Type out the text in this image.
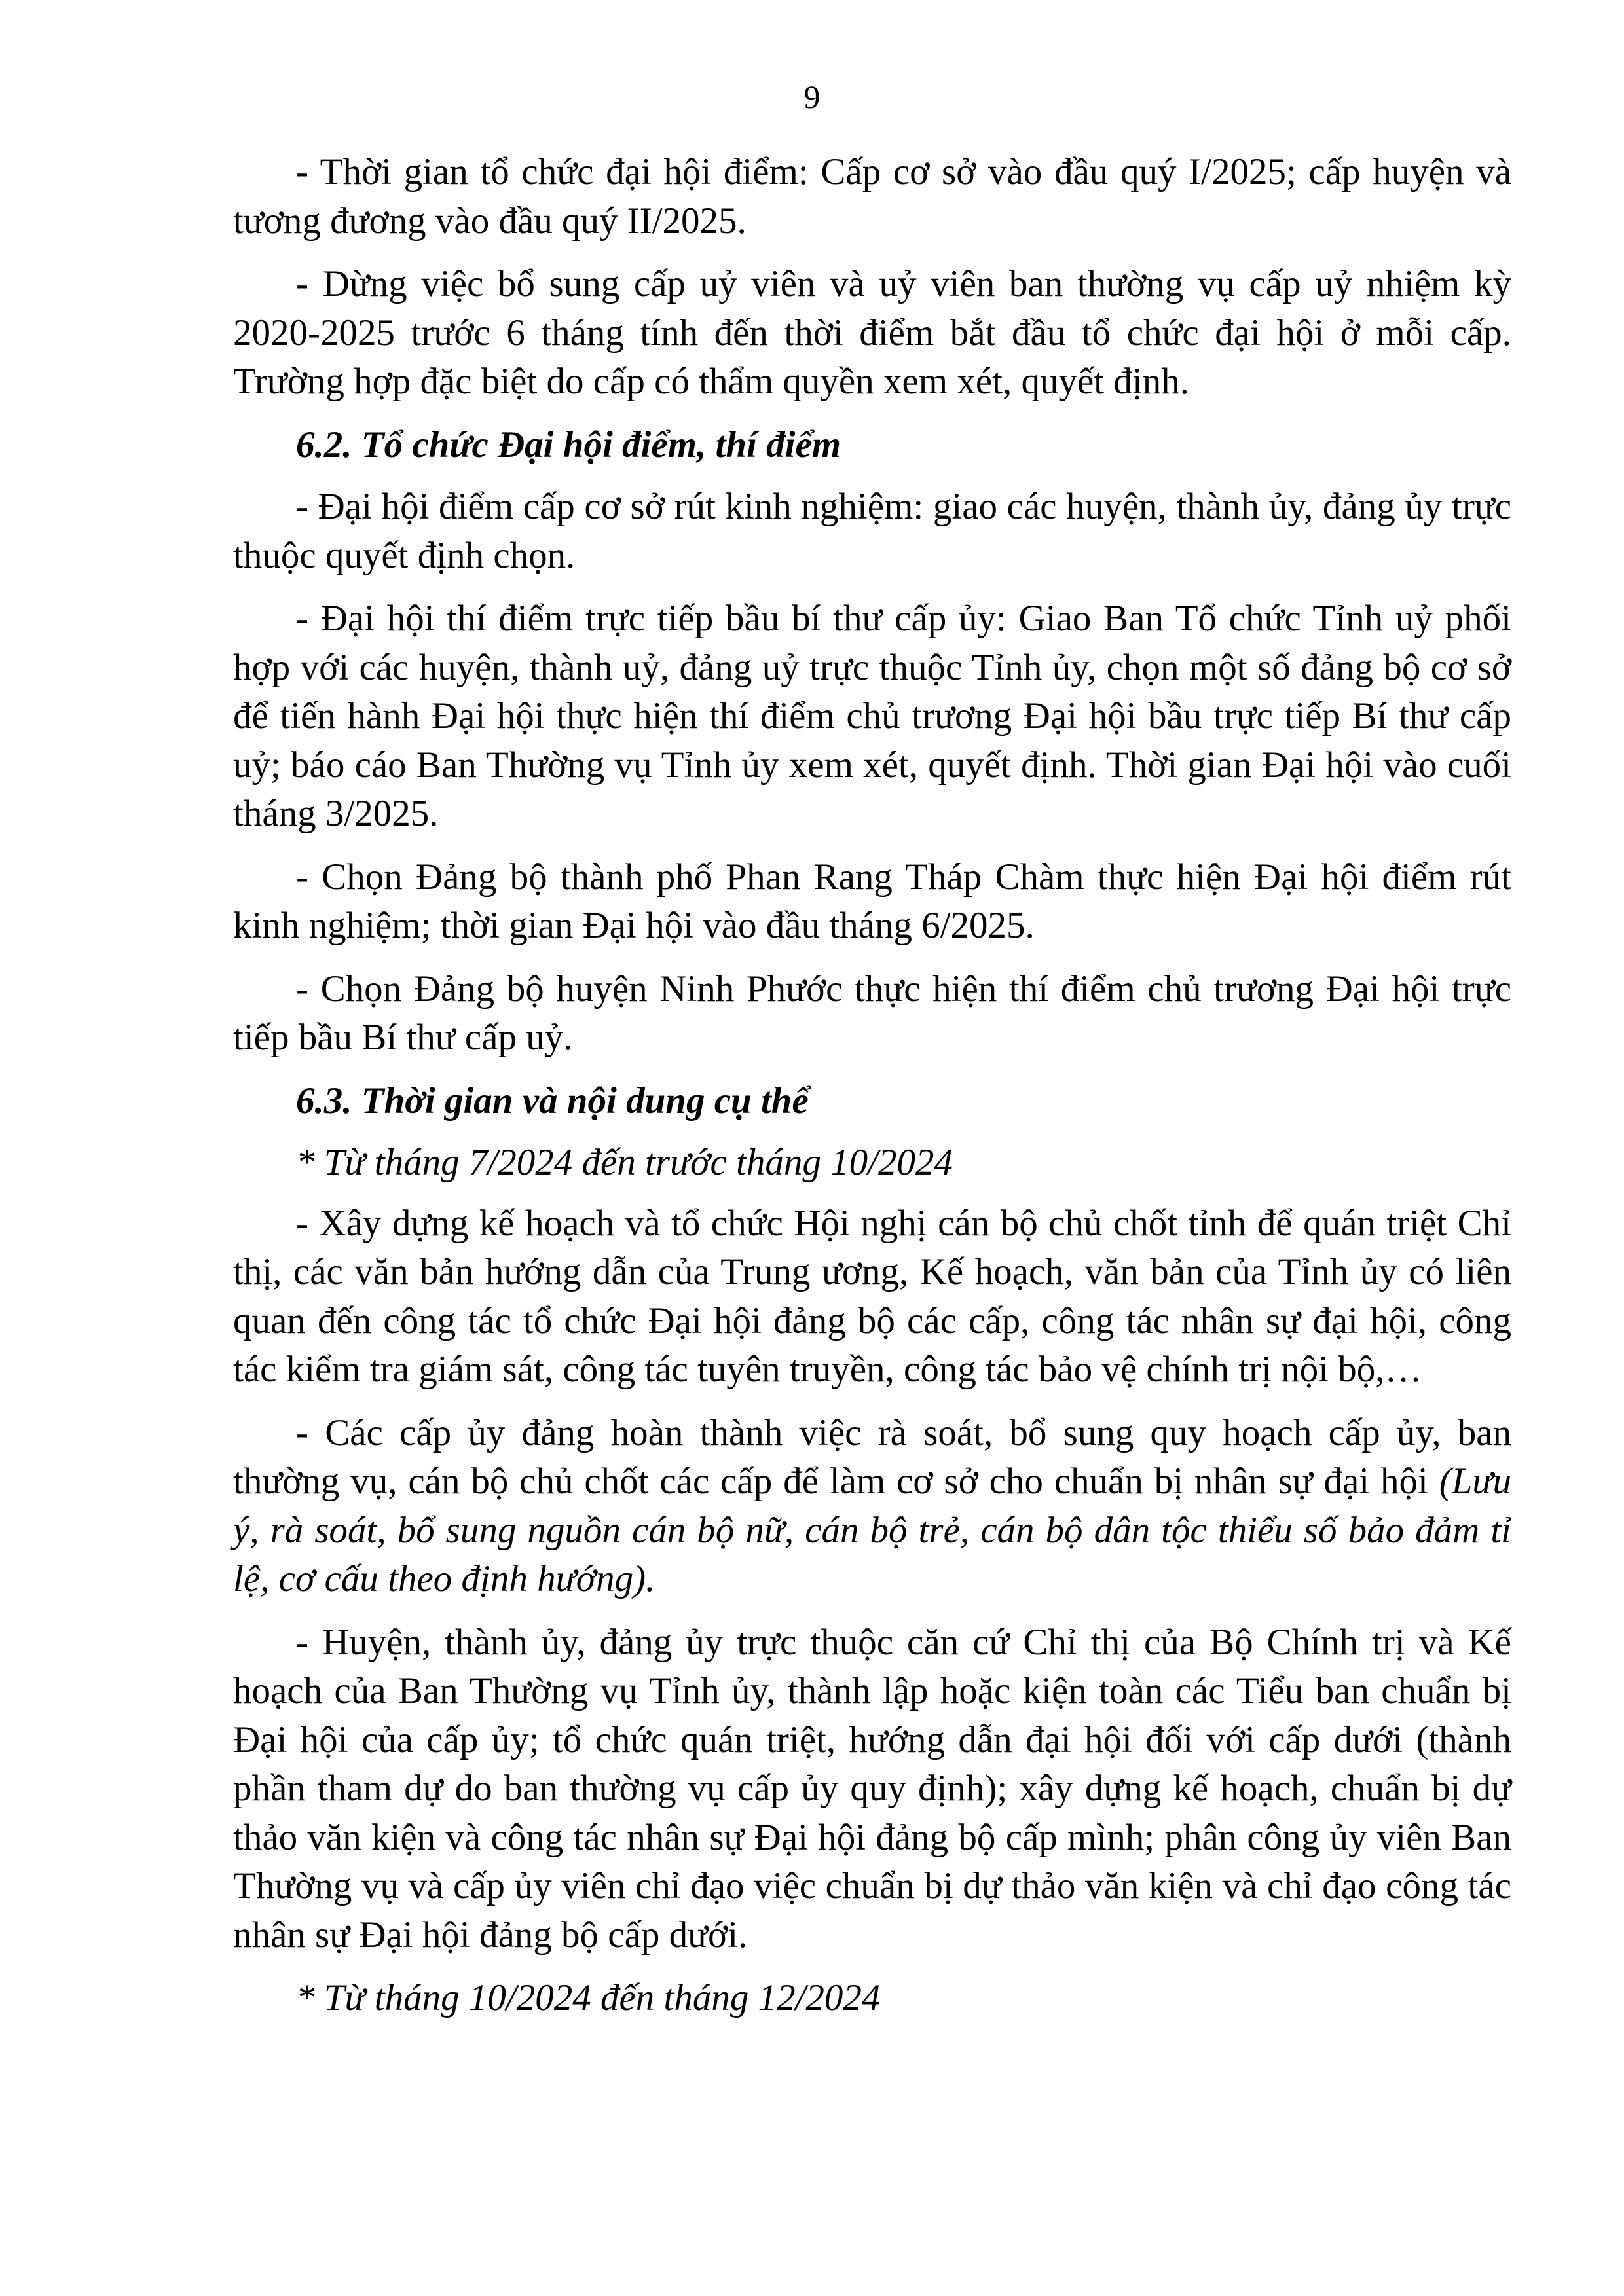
9

- Thời gian tổ chức đại hội điểm: Cấp cơ sở vào đầu quý I/2025; cấp huyện và tương đương vào đầu quý II/2025.

- Dừng việc bổ sung cấp uỷ viên và uỷ viên ban thường vụ cấp uỷ nhiệm kỳ 2020-2025 trước 6 tháng tính đến thời điểm bắt đầu tổ chức đại hội ở mỗi cấp. Trường hợp đặc biệt do cấp có thẩm quyền xem xét, quyết định.

6.2. Tổ chức Đại hội điểm, thí điểm

- Đại hội điểm cấp cơ sở rút kinh nghiệm: giao các huyện, thành ủy, đảng ủy trực thuộc quyết định chọn.

- Đại hội thí điểm trực tiếp bầu bí thư cấp ủy: Giao Ban Tổ chức Tỉnh uỷ phối hợp với các huyện, thành uỷ, đảng uỷ trực thuộc Tỉnh ủy, chọn một số đảng bộ cơ sở để tiến hành Đại hội thực hiện thí điểm chủ trương Đại hội bầu trực tiếp Bí thư cấp uỷ; báo cáo Ban Thường vụ Tỉnh ủy xem xét, quyết định. Thời gian Đại hội vào cuối tháng 3/2025.

- Chọn Đảng bộ thành phố Phan Rang Tháp Chàm thực hiện Đại hội điểm rút kinh nghiệm; thời gian Đại hội vào đầu tháng 6/2025.

- Chọn Đảng bộ huyện Ninh Phước thực hiện thí điểm chủ trương Đại hội trực tiếp bầu Bí thư cấp uỷ.

6.3. Thời gian và nội dung cụ thể

* Từ tháng 7/2024 đến trước tháng 10/2024

- Xây dựng kế hoạch và tổ chức Hội nghị cán bộ chủ chốt tỉnh để quán triệt Chỉ thị, các văn bản hướng dẫn của Trung ương, Kế hoạch, văn bản của Tỉnh ủy có liên quan đến công tác tổ chức Đại hội đảng bộ các cấp, công tác nhân sự đại hội, công tác kiểm tra giám sát, công tác tuyên truyền, công tác bảo vệ chính trị nội bộ,…

- Các cấp ủy đảng hoàn thành việc rà soát, bổ sung quy hoạch cấp ủy, ban thường vụ, cán bộ chủ chốt các cấp để làm cơ sở cho chuẩn bị nhân sự đại hội (Lưu ý, rà soát, bổ sung nguồn cán bộ nữ, cán bộ trẻ, cán bộ dân tộc thiểu số bảo đảm tỉ lệ, cơ cấu theo định hướng).

- Huyện, thành ủy, đảng ủy trực thuộc căn cứ Chỉ thị của Bộ Chính trị và Kế hoạch của Ban Thường vụ Tỉnh ủy, thành lập hoặc kiện toàn các Tiểu ban chuẩn bị Đại hội của cấp ủy; tổ chức quán triệt, hướng dẫn đại hội đối với cấp dưới (thành phần tham dự do ban thường vụ cấp ủy quy định); xây dựng kế hoạch, chuẩn bị dự thảo văn kiện và công tác nhân sự Đại hội đảng bộ cấp mình; phân công ủy viên Ban Thường vụ và cấp ủy viên chỉ đạo việc chuẩn bị dự thảo văn kiện và chỉ đạo công tác nhân sự Đại hội đảng bộ cấp dưới.

* Từ tháng 10/2024 đến tháng 12/2024
